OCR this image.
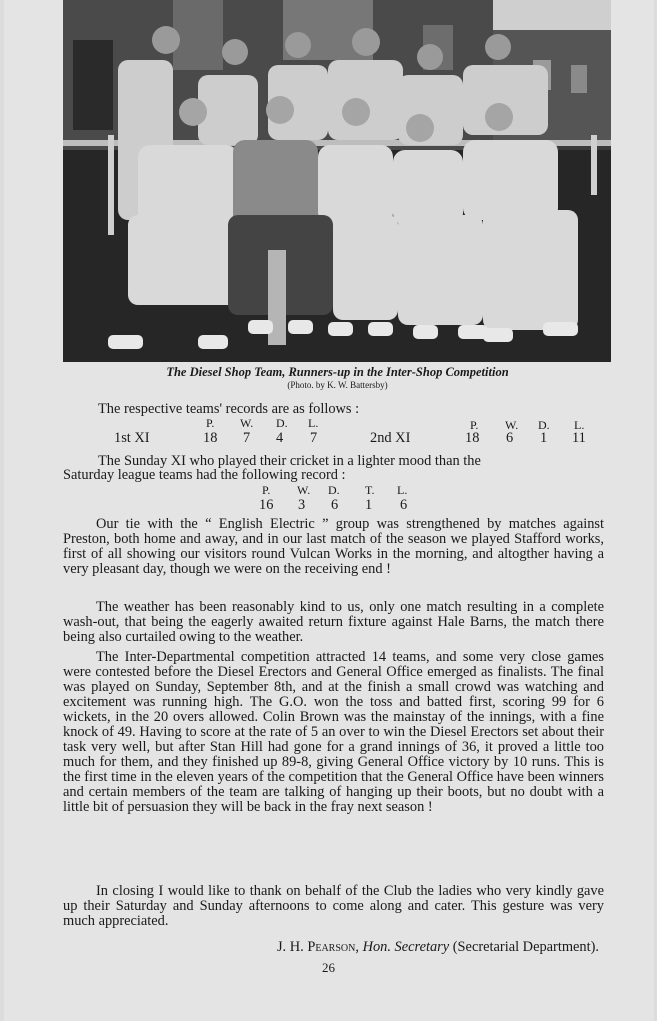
The Diesel Shop Team, Runners-up in the Inter-Shop Competition
(Photo. by K. W. Battersby)
The respective teams' records are as follows :
P. W. D. L.	P. W. D. L.
1st XI	18 7 4 7	2nd XI	18 6 1 11
The Sunday XI who played their cricket in a lighter mood than the
Saturday league teams had the following record :
P. W. D. T. L.
16 3 6 1 6
Our tie with the “ English Electric ” group was strengthened by matches against Preston, both home and away, and in our last match of the season we played Stafford works, first of all showing our visitors round Vulcan Works in the morning, and altogther having a very pleasant day, though we were on the receiving end !
The weather has been reasonably kind to us, only one match resulting in a complete wash-out, that being the eagerly awaited return fixture against Hale Barns, the match there being also curtailed owing to the weather.
The Inter-Departmental competition attracted 14 teams, and some very close games were contested before the Diesel Erectors and General Office emerged as finalists. The final was played on Sunday, September 8th, and at the finish a small crowd was watching and excitement was running high. The G.O. won the toss and batted first, scoring 99 for 6 wickets, in the 20 overs allowed. Colin Brown was the mainstay of the innings, with a fine knock of 49. Having to score at the rate of 5 an over to win the Diesel Erectors set about their task very well, but after Stan Hill had gone for a grand innings of 36, it proved a little too much for them, and they finished up 89-8, giving General Office victory by 10 runs. This is the first time in the eleven years of the competition that the General Office have been winners and certain members of the team are talking of hanging up their boots, but no doubt with a little bit of persuasion they will be back in the fray next season !
In closing I would like to thank on behalf of the Club the ladies who very kindly gave up their Saturday and Sunday afternoons to come along and cater. This gesture was very much appreciated.
J. H. Pearson, Hon. Secretary (Secretarial Department).
26
